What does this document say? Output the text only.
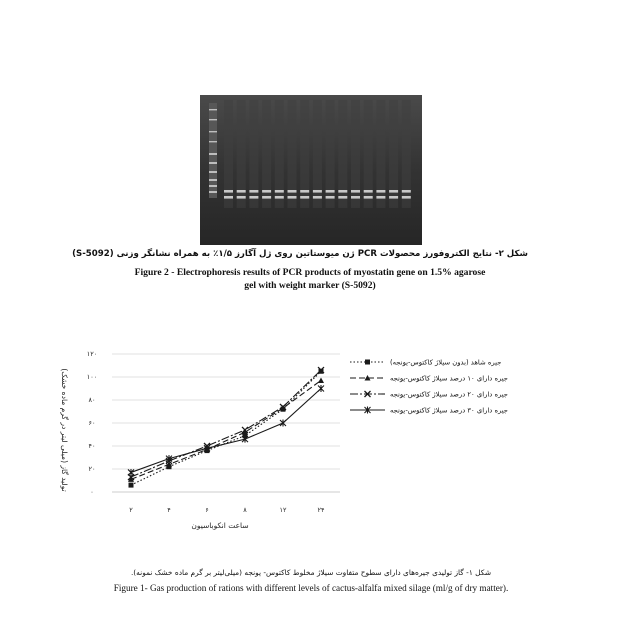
شکل ۲- نتایج الکتروفورز محصولات PCR ژن میوستاتین روی ژل آگارز ۱/۵٪ به همراه نشانگر وزنی (S-5092)

Figure 2 - Electrophoresis results of PCR products of myostatin gene on 1.5% agarose

gel with weight marker (S-5092)

۰
۲۰
۴۰
۶۰
۸۰
۱۰۰
۱۲۰
۲	۴	۶	۸	۱۲	۲۴
تولید گاز (میلی لیتر در گرم ماده خشک)
ساعت انکوباسیون
جیره شاهد (بدون سیلاژ کاکتوس-یونجه)
جیره دارای ۱۰ درصد سیلاژ کاکتوس-یونجه
جیره دارای ۲۰ درصد سیلاژ کاکتوس-یونجه
جیره دارای ۳۰ درصد سیلاژ کاکتوس-یونجه

شکل ۱- گاز تولیدی جیره‌های دارای سطوح متفاوت سیلاژ مخلوط کاکتوس- یونجه (میلی‌لیتر بر گرم ماده خشک نمونه).

Figure 1- Gas production of rations with different levels of cactus-alfalfa mixed silage (ml/g of dry matter).
